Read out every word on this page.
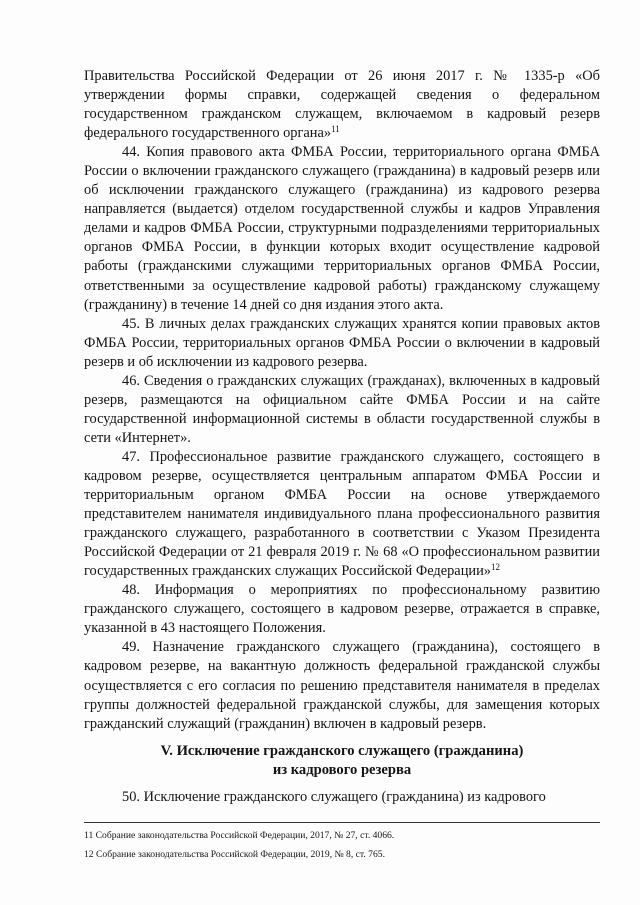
Правительства Российской Федерации от 26 июня 2017 г. № 1335-р «Об утверждении формы справки, содержащей сведения о федеральном государственном гражданском служащем, включаемом в кадровый резерв федерального государственного органа»$^{11}$

44. Копия правового акта ФМБА России, территориального органа ФМБА России о включении гражданского служащего (гражданина) в кадровый резерв или об исключении гражданского служащего (гражданина) из кадрового резерва направляется (выдается) отделом государственной службы и кадров Управления делами и кадров ФМБА России, структурными подразделениями территориальных органов ФМБА России, в функции которых входит осуществление кадровой работы (гражданскими служащими территориальных органов ФМБА России, ответственными за осуществление кадровой работы) гражданскому служащему (гражданину) в течение 14 дней со дня издания этого акта.

45. В личных делах гражданских служащих хранятся копии правовых актов ФМБА России, территориальных органов ФМБА России о включении в кадровый резерв и об исключении из кадрового резерва.

46. Сведения о гражданских служащих (гражданах), включенных в кадровый резерв, размещаются на официальном сайте ФМБА России и на сайте государственной информационной системы в области государственной службы в сети «Интернет».

47. Профессиональное развитие гражданского служащего, состоящего в кадровом резерве, осуществляется центральным аппаратом ФМБА России и территориальным органом ФМБА России на основе утверждаемого представителем нанимателя индивидуального плана профессионального развития гражданского служащего, разработанного в соответствии с Указом Президента Российской Федерации от 21 февраля 2019 г. № 68 «О профессиональном развитии государственных гражданских служащих Российской Федерации»$^{12}$

48. Информация о мероприятиях по профессиональному развитию гражданского служащего, состоящего в кадровом резерве, отражается в справке, указанной в 43 настоящего Положения.

49. Назначение гражданского служащего (гражданина), состоящего в кадровом резерве, на вакантную должность федеральной гражданской службы осуществляется с его согласия по решению представителя нанимателя в пределах группы должностей федеральной гражданской службы, для замещения которых гражданский служащий (гражданин) включен в кадровый резерв.

V. Исключение гражданского служащего (гражданина)
из кадрового резерва

50. Исключение гражданского служащего (гражданина) из кадрового

11 Собрание законодательства Российской Федерации, 2017, № 27, ст. 4066.

12 Собрание законодательства Российской Федерации, 2019, № 8, ст. 765.
